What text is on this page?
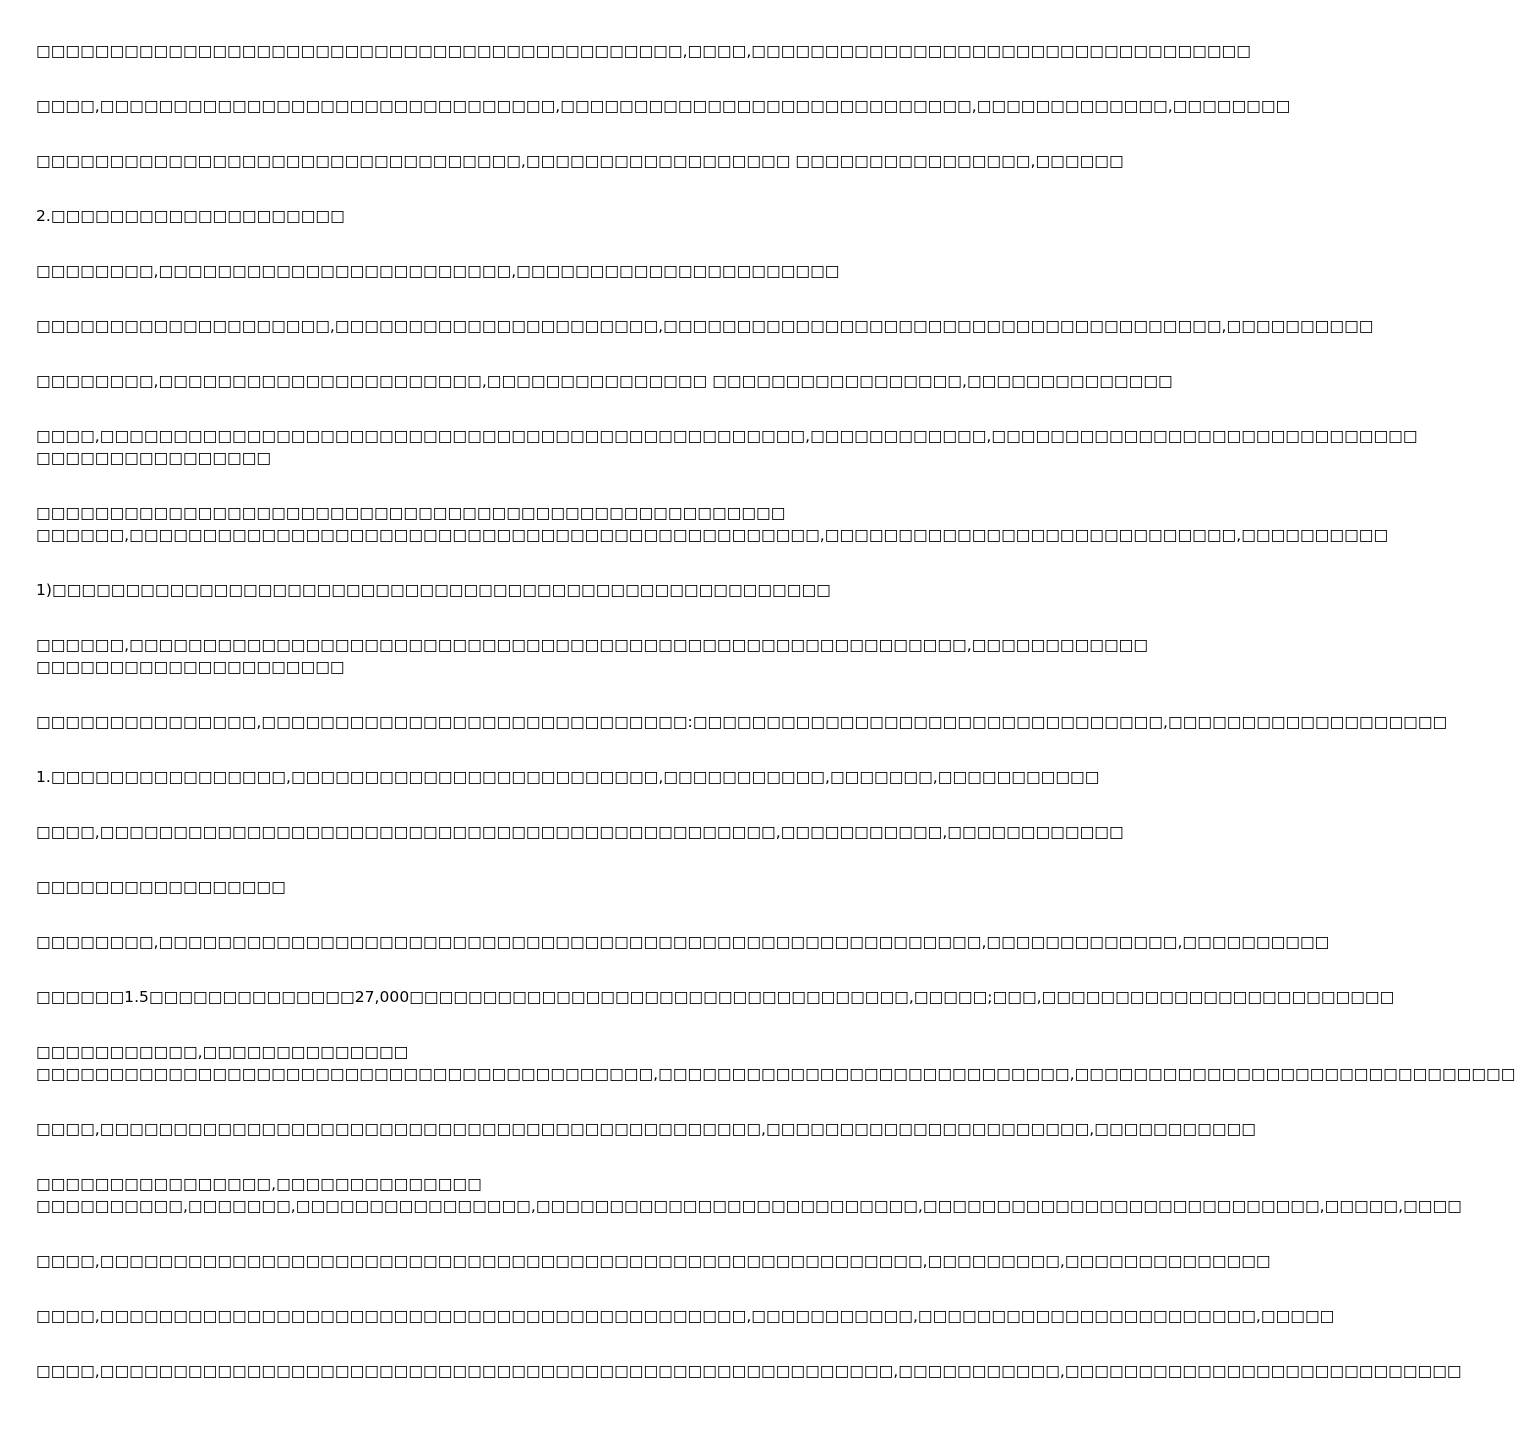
□□□□□□□□□□□□□□□□□□□□□□□□□□□□□□□□□□□□□□□□□□□□,□□□□,□□□□□□□□□□□□□□□□□□□□□□□□□□□□□□□□□□
□□□□,□□□□□□□□□□□□□□□□□□□□□□□□□□□□□□□,□□□□□□□□□□□□□□□□□□□□□□□□□□□□,□□□□□□□□□□□□□,□□□□□□□□
□□□□□□□□□□□□□□□□□□□□□□□□□□□□□□□□□,□□□□□□□□□□□□□□□□□□ □□□□□□□□□□□□□□□□,□□□□□□
2.□□□□□□□□□□□□□□□□□□□□
□□□□□□□□,□□□□□□□□□□□□□□□□□□□□□□□□,□□□□□□□□□□□□□□□□□□□□□□
□□□□□□□□□□□□□□□□□□□□,□□□□□□□□□□□□□□□□□□□□□□,□□□□□□□□□□□□□□□□□□□□□□□□□□□□□□□□□□□□□□,□□□□□□□□□□
□□□□□□□□,□□□□□□□□□□□□□□□□□□□□□□,□□□□□□□□□□□□□□□ □□□□□□□□□□□□□□□□□,□□□□□□□□□□□□□□
□□□□,□□□□□□□□□□□□□□□□□□□□□□□□□□□□□□□□□□□□□□□□□□□□□□□□,□□□□□□□□□□□□,□□□□□□□□□□□□□□□□□□□□□□□□□□□□□
□□□□□□□□□□□□□□□□
□□□□□□□□□□□□□□□□□□□□□□□□□□□□□□□□□□□□□□□□□□□□□□□□□□□
□□□□□□,□□□□□□□□□□□□□□□□□□□□□□□□□□□□□□□□□□□□□□□□□□□□□□□,□□□□□□□□□□□□□□□□□□□□□□□□□□□□,□□□□□□□□□□
1)□□□□□□□□□□□□□□□□□□□□□□□□□□□□□□□□□□□□□□□□□□□□□□□□□□□□□
□□□□□□,□□□□□□□□□□□□□□□□□□□□□□□□□□□□□□□□□□□□□□□□□□□□□□□□□□□□□□□□□,□□□□□□□□□□□□
□□□□□□□□□□□□□□□□□□□□□
□□□□□□□□□□□□□□□,□□□□□□□□□□□□□□□□□□□□□□□□□□□□□:□□□□□□□□□□□□□□□□□□□□□□□□□□□□□□□□,□□□□□□□□□□□□□□□□□□□
1.□□□□□□□□□□□□□□□□,□□□□□□□□□□□□□□□□□□□□□□□□□,□□□□□□□□□□□,□□□□□□□,□□□□□□□□□□□
□□□□,□□□□□□□□□□□□□□□□□□□□□□□□□□□□□□□□□□□□□□□□□□□□□□,□□□□□□□□□□□,□□□□□□□□□□□□
□□□□□□□□□□□□□□□□□
□□□□□□□□,□□□□□□□□□□□□□□□□□□□□□□□□□□□□□□□□□□□□□□□□□□□□□□□□□□□□□□□□,□□□□□□□□□□□□□,□□□□□□□□□□
□□□□□□1.5□□□□□□□□□□□□□□27,000□□□□□□□□□□□□□□□□□□□□□□□□□□□□□□□□□□,□□□□□;□□□,□□□□□□□□□□□□□□□□□□□□□□□□
□□□□□□□□□□□,□□□□□□□□□□□□□□
□□□□□□□□□□□□□□□□□□□□□□□□□□□□□□□□□□□□□□□□□□,□□□□□□□□□□□□□□□□□□□□□□□□□□□□,□□□□□□□□□□□□□□□□□□□□□□□□□□□□□□
□□□□,□□□□□□□□□□□□□□□□□□□□□□□□□□□□□□□□□□□□□□□□□□□□□,□□□□□□□□□□□□□□□□□□□□□□,□□□□□□□□□□□
□□□□□□□□□□□□□□□□,□□□□□□□□□□□□□□
□□□□□□□□□□,□□□□□□□,□□□□□□□□□□□□□□□□,□□□□□□□□□□□□□□□□□□□□□□□□□□,□□□□□□□□□□□□□□□□□□□□□□□□□□□,□□□□□,□□□□
□□□□,□□□□□□□□□□□□□□□□□□□□□□□□□□□□□□□□□□□□□□□□□□□□□□□□□□□□□□□□,□□□□□□□□□,□□□□□□□□□□□□□□
□□□□,□□□□□□□□□□□□□□□□□□□□□□□□□□□□□□□□□□□□□□□□□□□□,□□□□□□□□□□□,□□□□□□□□□□□□□□□□□□□□□□□,□□□□□
□□□□,□□□□□□□□□□□□□□□□□□□□□□□□□□□□□□□□□□□□□□□□□□□□□□□□□□□□□□,□□□□□□□□□□□,□□□□□□□□□□□□□□□□□□□□□□□□□□□
